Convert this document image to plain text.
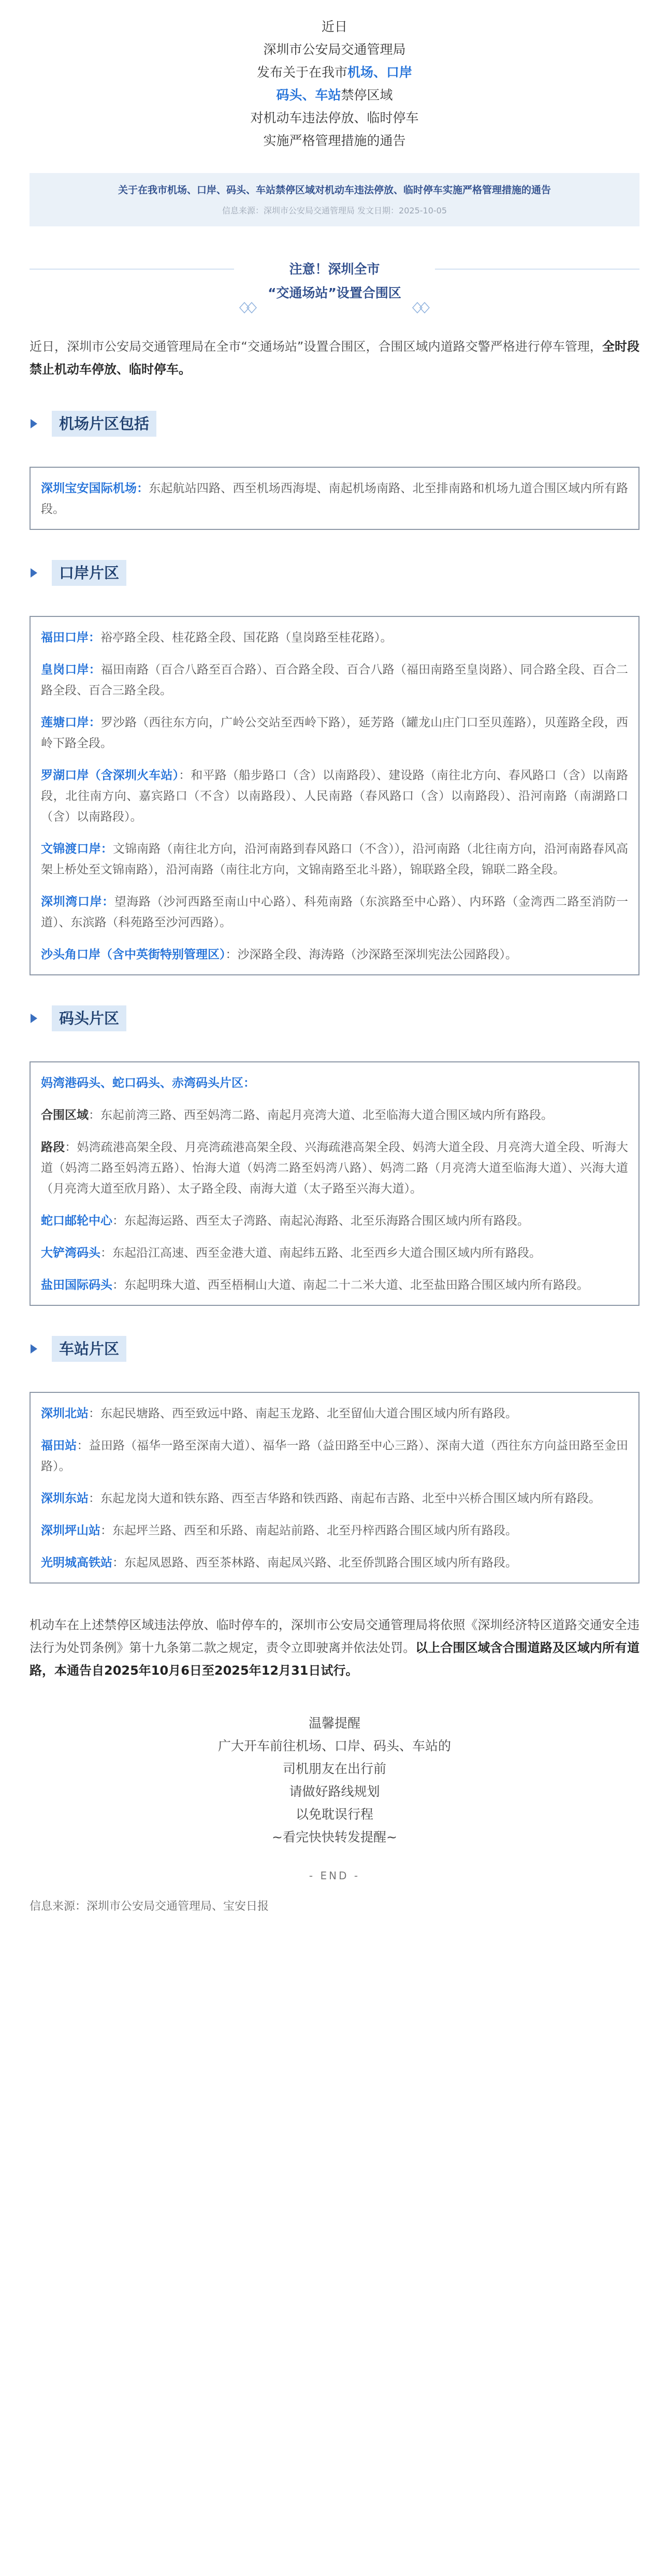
近日
深圳市公安局交通管理局
发布关于在我市机场、口岸
码头、车站禁停区域
对机动车违法停放、临时停车
实施严格管理措施的通告
关于在我市机场、口岸、码头、车站禁停区域对机动车违法停放、临时停车实施严格管理措施的通告
信息来源：深圳市公安局交通管理局 发文日期：2025-10-05
注意！深圳全市
“交通场站”设置合围区

近日，深圳市公安局交通管理局在全市“交通场站”设置合围区，合围区域内道路交警严格进行停车管理，全时段禁止机动车停放、临时停车。

机场片区包括
深圳宝安国际机场：东起航站四路、西至机场西海堤、南起机场南路、北至排南路和机场九道合围区域内所有路段。
口岸片区
福田口岸：裕亭路全段、桂花路全段、国花路（皇岗路至桂花路）。
皇岗口岸：福田南路（百合八路至百合路）、百合路全段、百合八路（福田南路至皇岗路）、同合路全段、百合二路全段、百合三路全段。
莲塘口岸：罗沙路（西往东方向，广岭公交站至西岭下路），延芳路（罐龙山庄门口至贝莲路），贝莲路全段，西岭下路全段。
罗湖口岸（含深圳火车站）：和平路（船步路口（含）以南路段）、建设路（南往北方向、春风路口（含）以南路段，北往南方向、嘉宾路口（不含）以南路段）、人民南路（春风路口（含）以南路段）、沿河南路（南湖路口（含）以南路段）。
文锦渡口岸：文锦南路（南往北方向，沿河南路到春风路口（不含）），沿河南路（北往南方向，沿河南路春风高架上桥处至文锦南路），沿河南路（南往北方向，文锦南路至北斗路），锦联路全段，锦联二路全段。
深圳湾口岸：望海路（沙河西路至南山中心路）、科苑南路（东滨路至中心路）、内环路（金湾西二路至消防一道）、东滨路（科苑路至沙河西路）。
沙头角口岸（含中英街特别管理区）：沙深路全段、海涛路（沙深路至深圳宪法公园路段）。
码头片区
妈湾港码头、蛇口码头、赤湾码头片区：
合围区域：东起前湾三路、西至妈湾二路、南起月亮湾大道、北至临海大道合围区域内所有路段。
路段：妈湾疏港高架全段、月亮湾疏港高架全段、兴海疏港高架全段、妈湾大道全段、月亮湾大道全段、听海大道（妈湾二路至妈湾五路）、怡海大道（妈湾二路至妈湾八路）、妈湾二路（月亮湾大道至临海大道）、兴海大道（月亮湾大道至欣月路）、太子路全段、南海大道（太子路至兴海大道）。
蛇口邮轮中心：东起海运路、西至太子湾路、南起沁海路、北至乐海路合围区域内所有路段。
大铲湾码头：东起沿江高速、西至金港大道、南起纬五路、北至西乡大道合围区域内所有路段。
盐田国际码头：东起明珠大道、西至梧桐山大道、南起二十二米大道、北至盐田路合围区域内所有路段。
车站片区
深圳北站：东起民塘路、西至致远中路、南起玉龙路、北至留仙大道合围区域内所有路段。
福田站：益田路（福华一路至深南大道）、福华一路（益田路至中心三路）、深南大道（西往东方向益田路至金田路）。
深圳东站：东起龙岗大道和铁东路、西至吉华路和铁西路、南起布吉路、北至中兴桥合围区域内所有路段。
深圳坪山站：东起坪兰路、西至和乐路、南起站前路、北至丹梓西路合围区域内所有路段。
光明城高铁站：东起凤恩路、西至茶林路、南起凤兴路、北至侨凯路合围区域内所有路段。

机动车在上述禁停区域违法停放、临时停车的，深圳市公安局交通管理局将依照《深圳经济特区道路交通安全违法行为处罚条例》第十九条第二款之规定，责令立即驶离并依法处罚。以上合围区域含合围道路及区域内所有道路，本通告自2025年10月6日至2025年12月31日试行。

温馨提醒
广大开车前往机场、口岸、码头、车站的
司机朋友在出行前
请做好路线规划
以免耽误行程
~看完快快转发提醒~
- END -
信息来源：深圳市公安局交通管理局、宝安日报
